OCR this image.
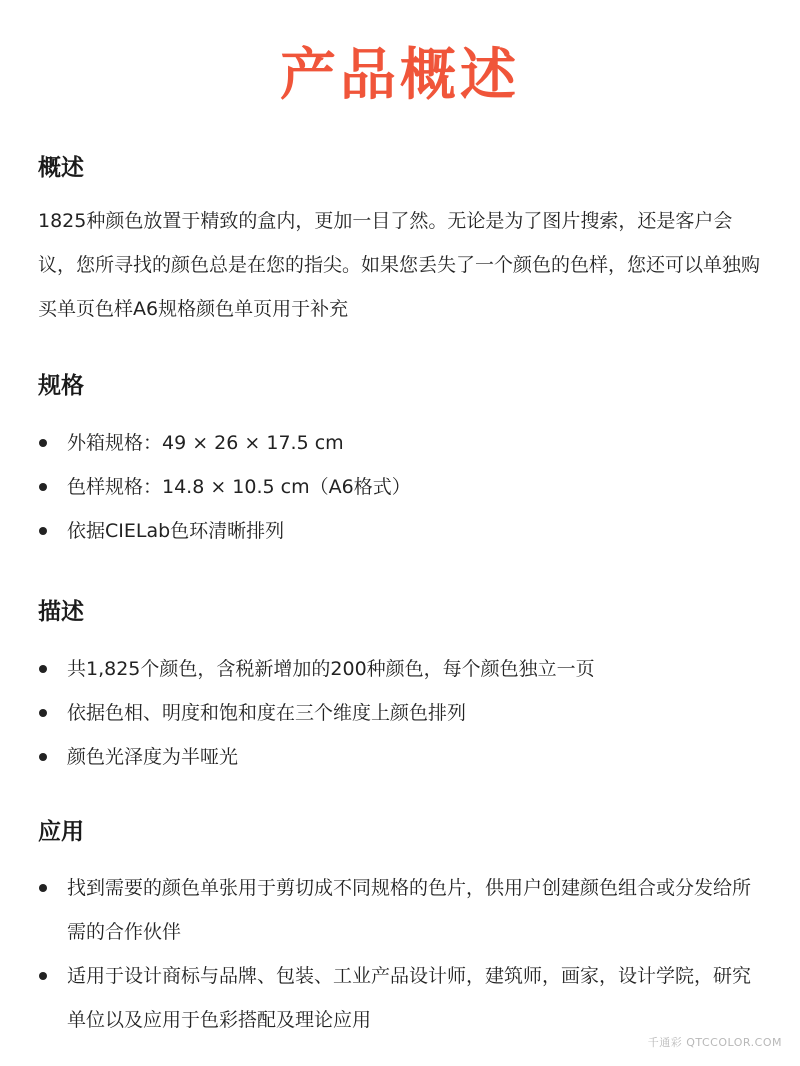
产品概述
概述
1825种颜色放置于精致的盒内，更加一目了然。无论是为了图片搜索，还是客户会议，您所寻找的颜色总是在您的指尖。如果您丢失了一个颜色的色样，您还可以单独购买单页色样A6规格颜色单页用于补充
规格
外箱规格：49 × 26 × 17.5 cm
色样规格：14.8 × 10.5 cm（A6格式）
依据CIELab色环清晰排列
描述
共1,825个颜色，含税新增加的200种颜色，每个颜色独立一页
依据色相、明度和饱和度在三个维度上颜色排列
颜色光泽度为半哑光
应用
找到需要的颜色单张用于剪切成不同规格的色片，供用户创建颜色组合或分发给所需的合作伙伴
适用于设计商标与品牌、包装、工业产品设计师，建筑师，画家，设计学院，研究单位以及应用于色彩搭配及理论应用
千通彩 QTCCOLOR.COM
